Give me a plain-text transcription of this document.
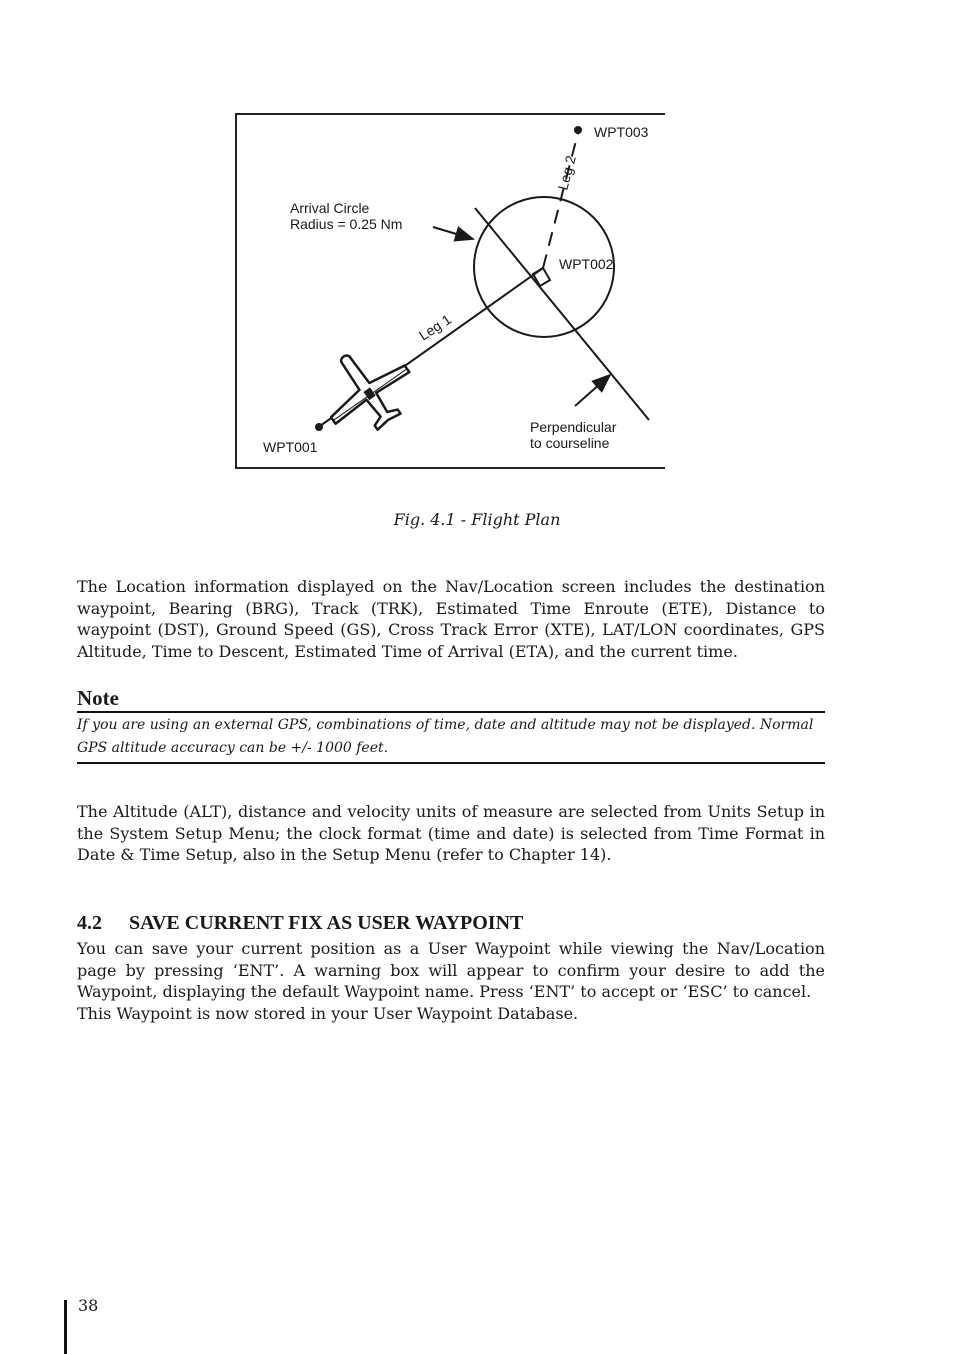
WPT003
Leg 2
Arrival Circle
Radius = 0.25 Nm
WPT002
Leg 1
Perpendicular
to courseline
WPT001
Fig. 4.1 - Flight Plan

The Location information displayed on the Nav/Location screen includes the destination waypoint, Bearing (BRG), Track (TRK), Estimated Time Enroute (ETE), Distance to waypoint (DST), Ground Speed (GS), Cross Track Error (XTE), LAT/LON coordinates, GPS Altitude, Time to Descent, Estimated Time of Arrival (ETA), and the current time.

Note

If you are using an external GPS, combinations of time, date and altitude may not be displayed. Normal GPS altitude accuracy can be +/- 1000 feet.

The Altitude (ALT), distance and velocity units of measure are selected from Units Setup in the System Setup Menu; the clock format (time and date) is selected from Time Format in Date & Time Setup, also in the Setup Menu (refer to Chapter 14).

4.2 SAVE CURRENT FIX AS USER WAYPOINT

You can save your current position as a User Waypoint while viewing the Nav/Location page by pressing ‘ENT’. A warning box will appear to confirm your desire to add the Waypoint, displaying the default Waypoint name. Press ‘ENT’ to accept or ‘ESC’ to cancel.

This Waypoint is now stored in your User Waypoint Database.

38
